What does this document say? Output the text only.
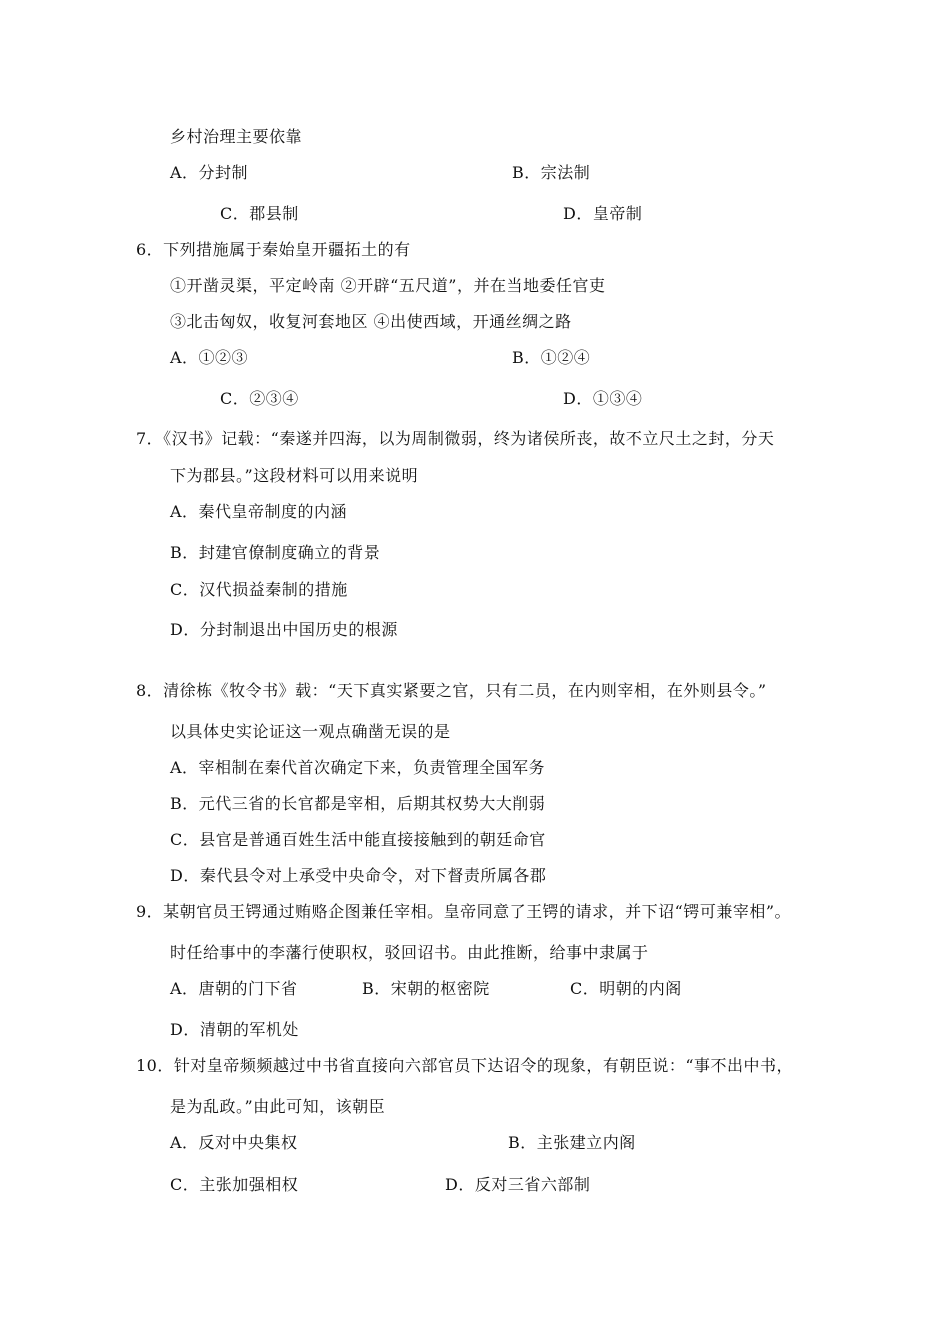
乡村治理主要依靠
A．分封制	B．宗法制
C．郡县制	D．皇帝制
6．下列措施属于秦始皇开疆拓土的有
①开凿灵渠，平定岭南 ②开辟“五尺道”，并在当地委任官吏
③北击匈奴，收复河套地区 ④出使西域，开通丝绸之路
A．①②③	B．①②④
C．②③④	D．①③④
7．《汉书》记载：“秦遂并四海，以为周制微弱，终为诸侯所丧，故不立尺土之封，分天
下为郡县。”这段材料可以用来说明
A．秦代皇帝制度的内涵
B．封建官僚制度确立的背景
C．汉代损益秦制的措施
D．分封制退出中国历史的根源
8．清徐栋《牧令书》载：“天下真实紧要之官，只有二员，在内则宰相，在外则县令。”
以具体史实论证这一观点确凿无误的是
A．宰相制在秦代首次确定下来，负责管理全国军务
B．元代三省的长官都是宰相，后期其权势大大削弱
C．县官是普通百姓生活中能直接接触到的朝廷命官
D．秦代县令对上承受中央命令，对下督责所属各郡
9．某朝官员王锷通过贿赂企图兼任宰相。皇帝同意了王锷的请求，并下诏“锷可兼宰相”。
时任给事中的李藩行使职权，驳回诏书。由此推断，给事中隶属于
A．唐朝的门下省	B．宋朝的枢密院	C．明朝的内阁
D．清朝的军机处
10．针对皇帝频频越过中书省直接向六部官员下达诏令的现象，有朝臣说：“事不出中书，
是为乱政。”由此可知，该朝臣
A．反对中央集权	B．主张建立内阁
C．主张加强相权	D．反对三省六部制
